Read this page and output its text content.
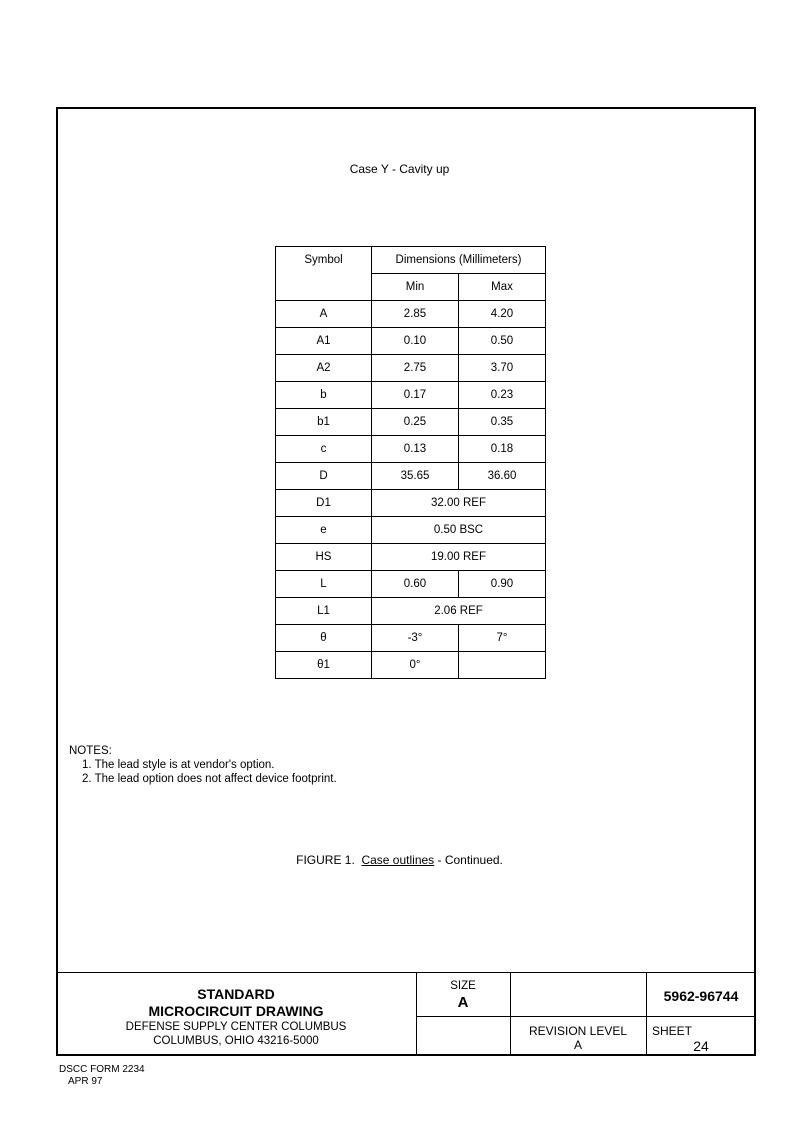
Case Y - Cavity up
Symbol	Dimensions (Millimeters)	
	Min	Max
A	2.85	4.20
A1	0.10	0.50
A2	2.75	3.70
b	0.17	0.23
b1	0.25	0.35
c	0.13	0.18
D	35.65	36.60
D1	32.00 REF	
e	0.50 BSC	
HS	19.00 REF	
L	0.60	0.90
L1	2.06 REF	
θ	-3°	7°
θ1	0°	
NOTES:
1. The lead style is at vendor's option.
2. The lead option does not affect device footprint.
FIGURE 1.  Case outlines - Continued.
STANDARD
MICROCIRCUIT DRAWING
DEFENSE SUPPLY CENTER COLUMBUS
COLUMBUS, OHIO 43216-5000
SIZE
A	5962-96744
REVISION LEVEL
A
SHEET
24
DSCC FORM 2234
APR 97
